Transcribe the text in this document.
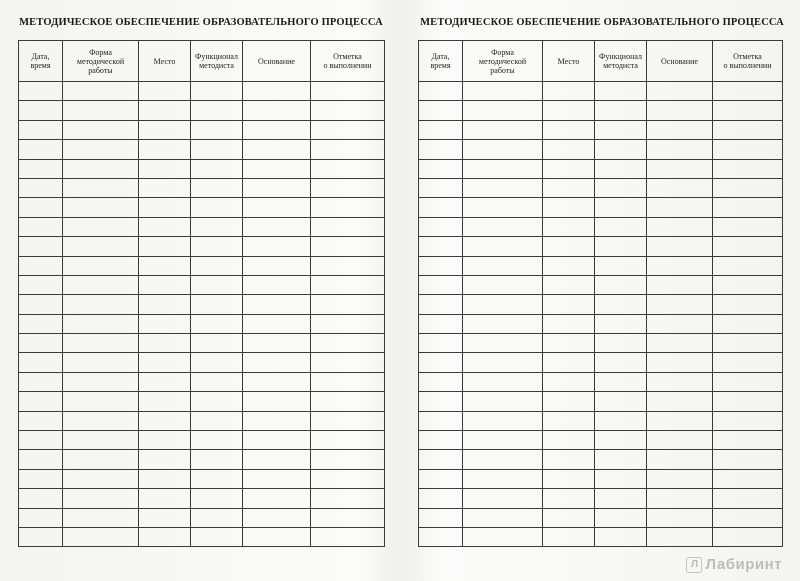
МЕТОДИЧЕСКОЕ ОБЕСПЕЧЕНИЕ ОБРАЗОВАТЕЛЬНОГО ПРОЦЕССА
Дата,
время	Форма
методической
работы	Место	Функционал
методиста	Основание	Отметка
о выполнении

МЕТОДИЧЕСКОЕ ОБЕСПЕЧЕНИЕ ОБРАЗОВАТЕЛЬНОГО ПРОЦЕССА
Дата,
время	Форма
методической
работы	Место	Функционал
методиста	Основание	Отметка
о выполнении

Л Лабиринт
